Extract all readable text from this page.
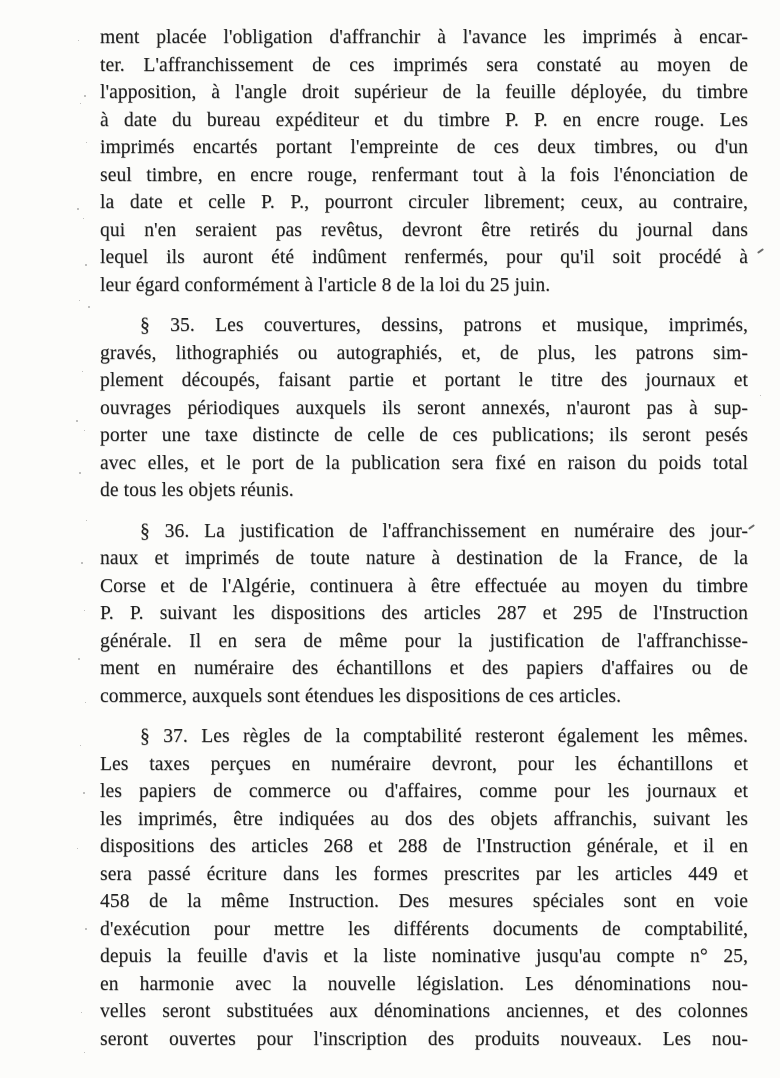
ment placée l'obligation d'affranchir à l'avance les imprimés à encar-
ter. L'affranchissement de ces imprimés sera constaté au moyen de
l'apposition, à l'angle droit supérieur de la feuille déployée, du timbre
à date du bureau expéditeur et du timbre P. P. en encre rouge. Les
imprimés encartés portant l'empreinte de ces deux timbres, ou d'un
seul timbre, en encre rouge, renfermant tout à la fois l'énonciation de
la date et celle P. P., pourront circuler librement; ceux, au contraire,
qui n'en seraient pas revêtus, devront être retirés du journal dans
lequel ils auront été indûment renfermés, pour qu'il soit procédé à
leur égard conformément à l'article 8 de la loi du 25 juin.

§ 35. Les couvertures, dessins, patrons et musique, imprimés,
gravés, lithographiés ou autographiés, et, de plus, les patrons sim-
plement découpés, faisant partie et portant le titre des journaux et
ouvrages périodiques auxquels ils seront annexés, n'auront pas à sup-
porter une taxe distincte de celle de ces publications; ils seront pesés
avec elles, et le port de la publication sera fixé en raison du poids total
de tous les objets réunis.

§ 36. La justification de l'affranchissement en numéraire des jour-
naux et imprimés de toute nature à destination de la France, de la
Corse et de l'Algérie, continuera à être effectuée au moyen du timbre
P. P. suivant les dispositions des articles 287 et 295 de l'Instruction
générale. Il en sera de même pour la justification de l'affranchisse-
ment en numéraire des échantillons et des papiers d'affaires ou de
commerce, auxquels sont étendues les dispositions de ces articles.

§ 37. Les règles de la comptabilité resteront également les mêmes.
Les taxes perçues en numéraire devront, pour les échantillons et
les papiers de commerce ou d'affaires, comme pour les journaux et
les imprimés, être indiquées au dos des objets affranchis, suivant les
dispositions des articles 268 et 288 de l'Instruction générale, et il en
sera passé écriture dans les formes prescrites par les articles 449 et
458 de la même Instruction. Des mesures spéciales sont en voie
d'exécution pour mettre les différents documents de comptabilité,
depuis la feuille d'avis et la liste nominative jusqu'au compte n° 25,
en harmonie avec la nouvelle législation. Les dénominations nou-
velles seront substituées aux dénominations anciennes, et des colonnes
seront ouvertes pour l'inscription des produits nouveaux. Les nou-
